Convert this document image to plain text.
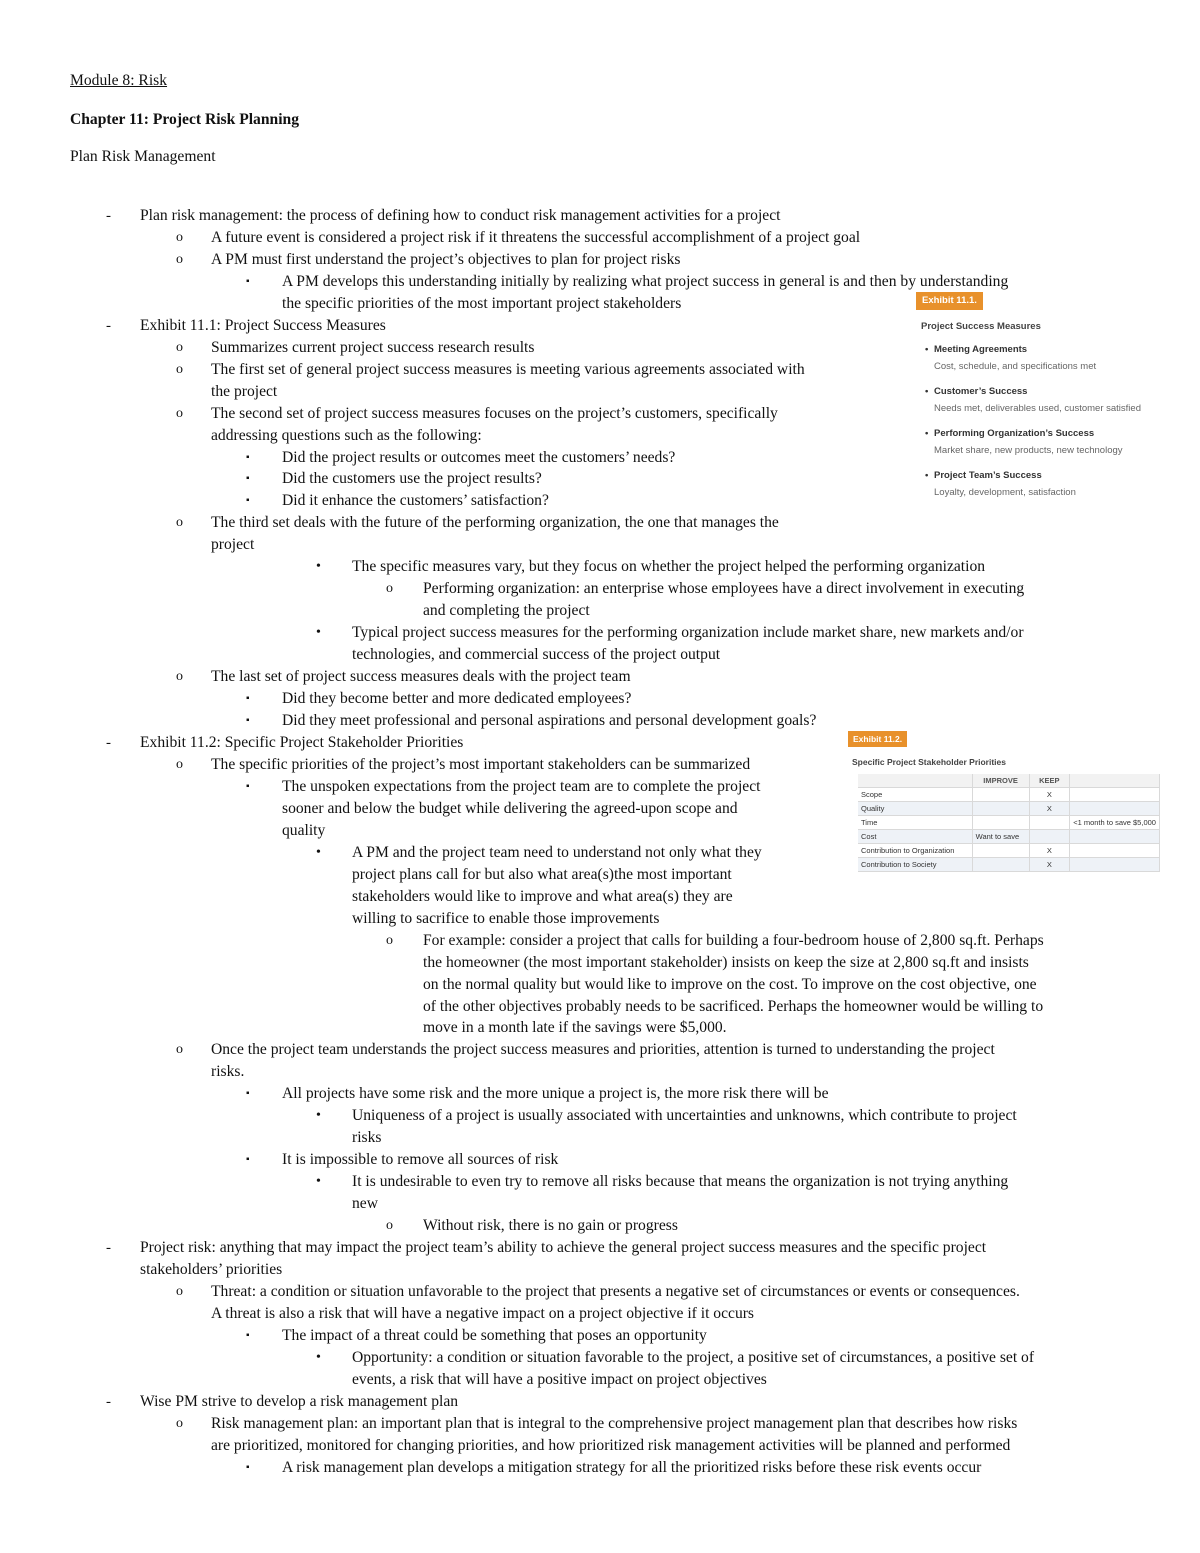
Module 8: Risk
Chapter 11: Project Risk Planning
Plan Risk Management
- Plan risk management: the process of defining how to conduct risk management activities for a project
o A future event is considered a project risk if it threatens the successful accomplishment of a project goal
o A PM must first understand the project’s objectives to plan for project risks
▪ A PM develops this understanding initially by realizing what project success in general is and then by understanding
the specific priorities of the most important project stakeholders
- Exhibit 11.1: Project Success Measures
o Summarizes current project success research results
o The first set of general project success measures is meeting various agreements associated with
the project
o The second set of project success measures focuses on the project’s customers, specifically
addressing questions such as the following:
▪ Did the project results or outcomes meet the customers’ needs?
▪ Did the customers use the project results?
▪ Did it enhance the customers’ satisfaction?
o The third set deals with the future of the performing organization, the one that manages the
project
• The specific measures vary, but they focus on whether the project helped the performing organization
o Performing organization: an enterprise whose employees have a direct involvement in executing
and completing the project
• Typical project success measures for the performing organization include market share, new markets and/or
technologies, and commercial success of the project output
o The last set of project success measures deals with the project team
▪ Did they become better and more dedicated employees?
▪ Did they meet professional and personal aspirations and personal development goals?
- Exhibit 11.2: Specific Project Stakeholder Priorities
o The specific priorities of the project’s most important stakeholders can be summarized
▪ The unspoken expectations from the project team are to complete the project
sooner and below the budget while delivering the agreed-upon scope and
quality
• A PM and the project team need to understand not only what they
project plans call for but also what area(s)the most important
stakeholders would like to improve and what area(s) they are
willing to sacrifice to enable those improvements
o For example: consider a project that calls for building a four-bedroom house of 2,800 sq.ft. Perhaps
the homeowner (the most important stakeholder) insists on keep the size at 2,800 sq.ft and insists
on the normal quality but would like to improve on the cost. To improve on the cost objective, one
of the other objectives probably needs to be sacrificed. Perhaps the homeowner would be willing to
move in a month late if the savings were $5,000.
o Once the project team understands the project success measures and priorities, attention is turned to understanding the project
risks.
▪ All projects have some risk and the more unique a project is, the more risk there will be
• Uniqueness of a project is usually associated with uncertainties and unknowns, which contribute to project
risks
▪ It is impossible to remove all sources of risk
• It is undesirable to even try to remove all risks because that means the organization is not trying anything
new
o Without risk, there is no gain or progress
- Project risk: anything that may impact the project team’s ability to achieve the general project success measures and the specific project
stakeholders’ priorities
o Threat: a condition or situation unfavorable to the project that presents a negative set of circumstances or events or consequences.
A threat is also a risk that will have a negative impact on a project objective if it occurs
▪ The impact of a threat could be something that poses an opportunity
• Opportunity: a condition or situation favorable to the project, a positive set of circumstances, a positive set of
events, a risk that will have a positive impact on project objectives
- Wise PM strive to develop a risk management plan
o Risk management plan: an important plan that is integral to the comprehensive project management plan that describes how risks
are prioritized, monitored for changing priorities, and how prioritized risk management activities will be planned and performed
▪ A risk management plan develops a mitigation strategy for all the prioritized risks before these risk events occur
Exhibit 11.1.
Project Success Measures
• Meeting Agreements
Cost, schedule, and specifications met
• Customer’s Success
Needs met, deliverables used, customer satisfied
• Performing Organization’s Success
Market share, new products, new technology
• Project Team’s Success
Loyalty, development, satisfaction
Exhibit 11.2.
Specific Project Stakeholder Priorities
	IMPROVE	KEEP	
Scope		X	
Quality		X	
Time			<1 month to save $5,000
Cost	Want to save		
Contribution to Organization		X	
Contribution to Society		X	
